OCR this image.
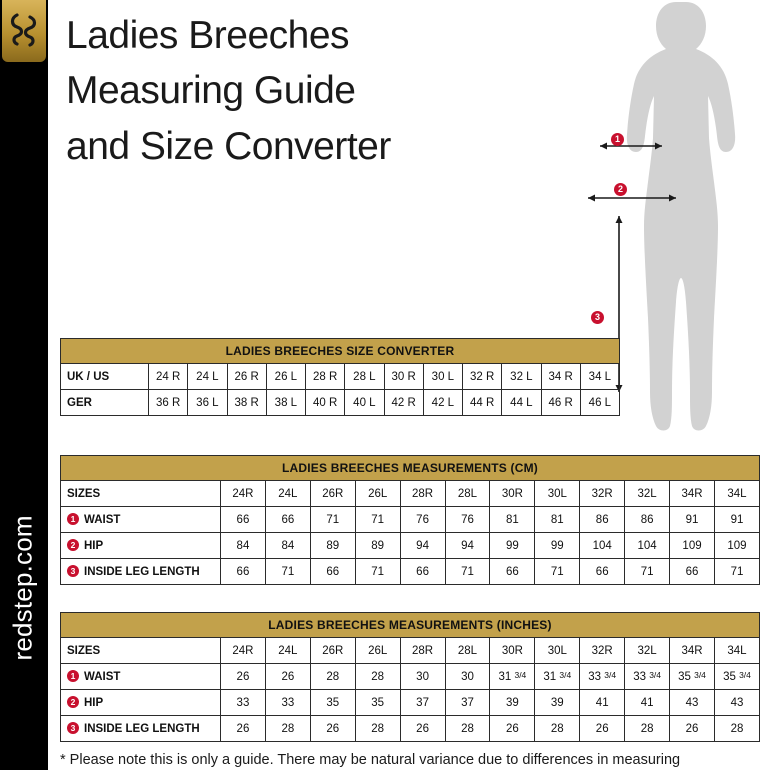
redstep.com
Ladies Breeches
Measuring Guide
and Size Converter	1
2
3
LADIES BREECHES SIZE CONVERTER												
UK / US	24 R	24 L	26 R	26 L	28 R	28 L	30 R	30 L	32 R	32 L	34 R	34 L
GER	36 R	36 L	38 R	38 L	40 R	40 L	42 R	42 L	44 R	44 L	46 R	46 L
LADIES BREECHES MEASUREMENTS (CM)												
SIZES	24R	24L	26R	26L	28R	28L	30R	30L	32R	32L	34R	34L
1 WAIST	66	66	71	71	76	76	81	81	86	86	91	91
2 HIP	84	84	89	89	94	94	99	99	104	104	109	109
3 INSIDE LEG LENGTH	66	71	66	71	66	71	66	71	66	71	66	71
LADIES BREECHES MEASUREMENTS (INCHES)												
SIZES	24R	24L	26R	26L	28R	28L	30R	30L	32R	32L	34R	34L
1 WAIST	26	26	28	28	30	30	31 3/4	31 3/4	33 3/4	33 3/4	35 3/4	35 3/4
2 HIP	33	33	35	35	37	37	39	39	41	41	43	43
3 INSIDE LEG LENGTH	26	28	26	28	26	28	26	28	26	28	26	28
* Please note this is only a guide. There may be natural variance due to differences in measuring
